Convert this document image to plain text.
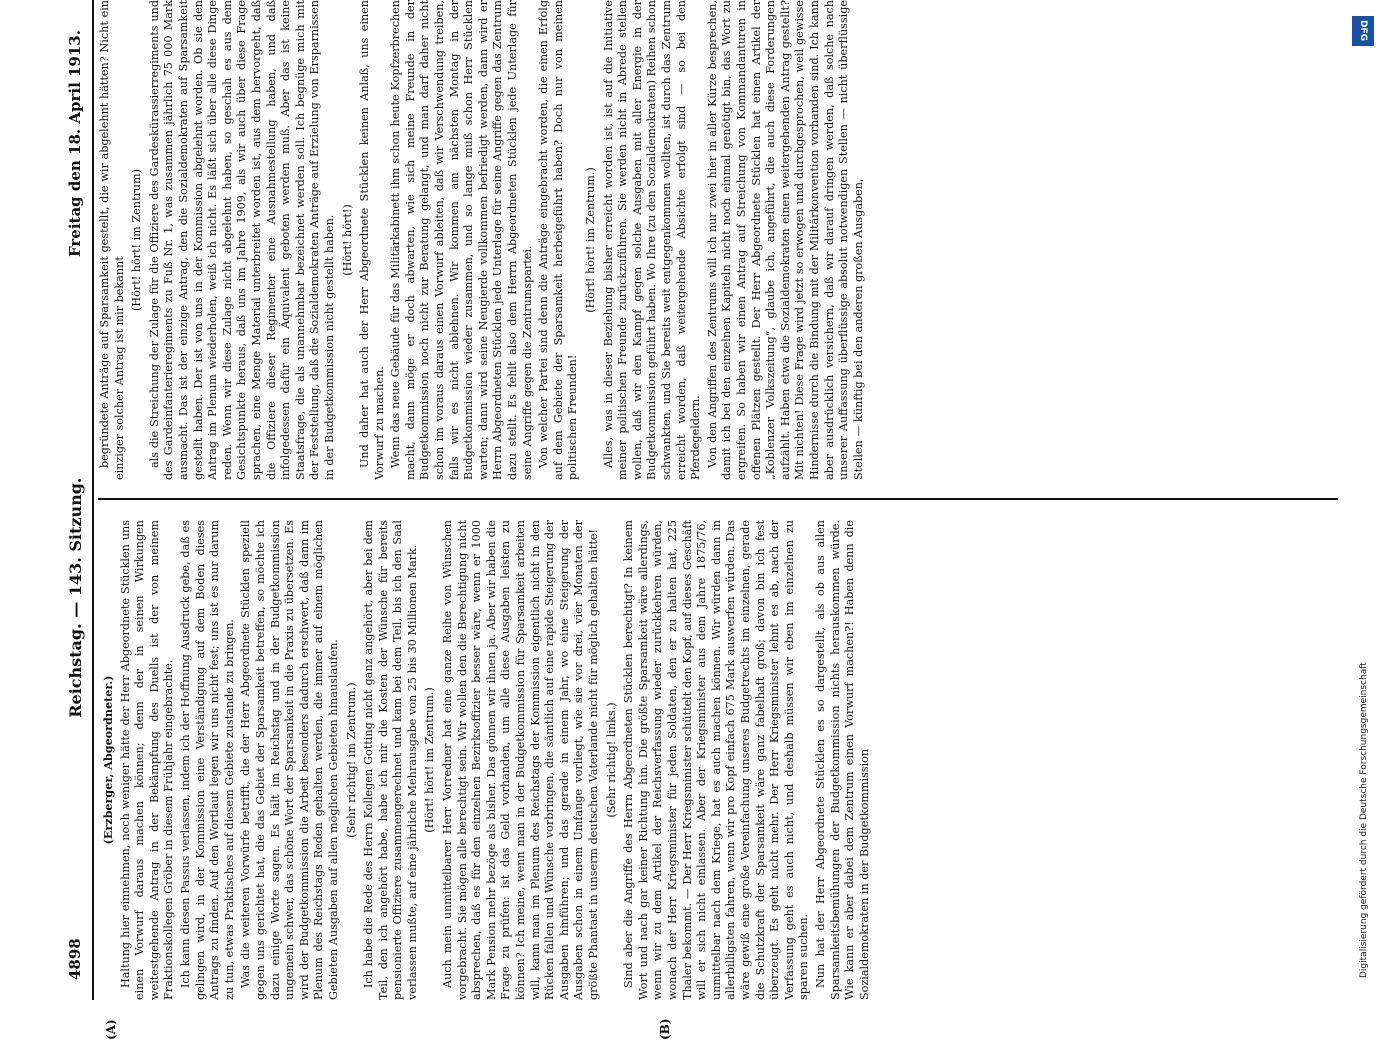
DFG
Digitalisierung gefördert durch die Deutsche Forschungsgemeinschaft
4898
Reichstag. — 143. Sitzung.
Freitag den 18. April 1913.
(A)	(B)

(Erzberger, Abgeordneter.) Haltung hier einnehmen, noch weniger hätte der Herr Abgeordnete Stücklen uns einen Vorwurf daraus machen können; denn der in seinen Wirkungen weitestgehende Antrag in der Bekämpfung des Duells ist der von meinem Fraktionskollegen Gröber in diesem Frühjahr eingebrachte. Ich kann diesen Passus verlassen, indem ich der Hoffnung Ausdruck gebe, daß es gelingen wird, in der Kommission eine Verständigung auf dem Boden dieses Antrags zu finden. Auf den Wortlaut legen wir uns nicht fest; uns ist es nur darum zu tun, etwas Praktisches auf diesem Gebiete zustande zu bringen. Was die weiteren Vorwürfe betrifft, die der Herr Abgeordnete Stücklen speziell gegen uns gerichtet hat, die das Gebiet der Sparsamkeit betreffen, so möchte ich dazu einige Worte sagen. Es hält im Reichstag und in der Budgetkommission ungemein schwer, das schöne Wort der Sparsamkeit in die Praxis zu übersetzen. Es wird der Budgetkommission die Arbeit besonders dadurch erschwert, daß dann im Plenum des Reichstags Reden gehalten werden, die immer auf einem möglichen Gebieten Ausgaben auf allen möglichen Gebieten hinauslaufen. (Sehr richtig! im Zentrum.) Ich habe die Rede des Herrn Kollegen Gotting nicht ganz angehört, aber bei dem Teil, den ich angehört habe, habe ich mir die Kosten der Wünsche für bereits pensionierte Offiziere zusammengerechnet und kam bei dem Teil, bis ich den Saal verlassen mußte, auf eine jährliche Mehrausgabe von 25 bis 30 Millionen Mark. (Hört! hört! im Zentrum.) Auch mein unmittelbarer Herr Vorredner hat eine ganze Reihe von Wünschen vorgebracht. Sie mögen alle berechtigt sein. Wir wollen den die Berechtigung nicht absprechen, daß es für den einzelnen Bezirksoffizier besser wäre, wenn er 1000 Mark Pension mehr bezöge als bisher. Das gönnen wir ihnen ja. Aber wir haben die Frage zu prüfen: ist das Geld vorhanden, um alle diese Ausgaben leisten zu können? Ich meine, wenn man in der Budgetkommission für Sparsamkeit arbeiten will, kann man im Plenum des Reichstags der Kommission eigentlich nicht in den Rücken fallen und Wünsche vorbringen, die sämtlich auf eine rapide Steigerung der Ausgaben hinführen; und das gerade in einem Jahr, wo eine Steigerung der Ausgaben schon in einem Umfange vorliegt, wie sie vor drei, vier Monaten der größte Phantast in unserm deutschen Vaterlande nicht für möglich gehalten hätte! (Sehr richtig! links.) Sind aber die Angriffe des Herrn Abgeordneten Stücklen berechtigt? In keinem Wort und nach gar keiner Richtung hin. Die größte Sparsamkeit wäre allerdings, wenn wir zu dem Artikel der Reichsverfassung wieder zurückkehren würden, wonach der Herr Kriegsminister für jeden Soldaten, den er zu halten hat, 225 Thaler bekommt. — Der Herr Kriegsminister schüttelt den Kopf, auf dieses Geschäft will er sich nicht einlassen. Aber der Kriegsminister aus dem Jahre 1875/76, unmittelbar nach dem Kriege, hat es auch machen können. Wir würden dann in allerbilligsten fahren, wenn wir pro Kopf einfach 675 Mark auswerfen würden. Das wäre gewiß eine große Vereinfachung unseres Budgetrechts im einzelnen, gerade die Schutzkraft der Sparsamkeit wäre ganz fabelhaft groß; davon bin ich fest überzeugt. Es geht nicht mehr. Der Herr Kriegsminister lehnt es ab, nach der Verfassung geht es auch nicht, und deshalb müssen wir eben im einzelnen zu sparen suchen. Nun hat der Herr Abgeordnete Stücklen es so dargestellt, als ob aus allen Sparsamkeitsbemühungen der Budgetkommission nichts herauskommen würde. Wie kann er aber dabei dem Zentrum einen Vorwurf machen?! Haben denn die Sozialdemokraten in der Budgetkommission

begründete Anträge auf Sparsamkeit gestellt, die wir abgelehnt hätten? Nicht ein einziger solcher Antrag ist mir bekannt

(Hört! hört! im Zentrum) als die Streichung der Zulage für die Offiziere des Gardeskürassierregiments und des Gardeinfanterieregiments zu Fuß Nr. 1, was zusammen jährlich 75 000 Mark ausmacht. Das ist der einzige Antrag, den die Sozialdemokraten auf Sparsamkeit gestellt haben. Der ist von uns in der Kommission abgelehnt worden. Ob sie den Antrag im Plenum wiederholen, weiß ich nicht. Es läßt sich über alle diese Dinge reden. Wenn wir diese Zulage nicht abgelehnt haben, so geschah es aus dem Gesichtspunkte heraus, daß uns im Jahre 1909, als wir auch über diese Frage sprachen, eine Menge Material unterbreitet worden ist, aus dem hervorgeht, daß die Offiziere dieser Regimenter eine Ausnahmestellung haben, und daß infolgedessen dafür ein Äquivalent geboten werden muß. Aber das ist keine Staatsfrage, die als unannehmbar bezeichnet werden soll. Ich begnüge mich mit der Feststellung, daß die Sozialdemokraten Anträge auf Erzielung von Ersparnissen in der Budgetkommission nicht gestellt haben. (Hört! hört!) Und daher hat auch der Herr Abgeordnete Stücklen keinen Anlaß, uns einen Vorwurf zu machen. Wenn das neue Gebäude für das Militärkabinett ihm schon heute Kopfzerbrechen macht, dann möge er doch abwarten, wie sich meine Freunde in der Budgetkommission noch nicht zur Beratung gelangt, und man darf daher nicht schon im voraus daraus einen Vorwurf ableiten, daß wir Verschwendung treiben, falls wir es nicht ablehnen. Wir kommen am nächsten Montag in der Budgetkommission wieder zusammen, und so lange muß schon Herr Stücklen warten; dann wird seine Neugierde vollkommen befriedigt werden, dann wird er Herrn Abgeordneten Stücklen jede Unterlage für seine Angriffe gegen das Zentrum dazu stellt. Es fehlt also dem Herrn Abgeordneten Stücklen jede Unterlage für seine Angriffe gegen die Zentrumspartei. Von welcher Partei sind denn die Anträge eingebracht worden, die einen Erfolg auf dem Gebiete der Sparsamkeit herbeigeführt haben? Doch nur von meinen politischen Freunden!

(Hört! hört! im Zentrum.) Alles, was in dieser Beziehung bisher erreicht worden ist, ist auf die Initiative meiner politischen Freunde zurückzuführen. Sie werden nicht in Abrede stellen wollen, daß wir den Kampf gegen solche Ausgaben mit aller Energie in der Budgetkommission geführt haben. Wo Ihre (zu den Sozialdemokraten) Reihen schon schwankten, und Sie bereits weit entgegenkommen wollten, ist durch das Zentrum erreicht worden, daß weitergehende Absichte erfolgt sind — so bei den Pferdegeldern. Von den Angriffen des Zentrums will ich nur zwei hier in aller Kürze besprechen, damit ich bei den einzelnen Kapiteln nicht noch einmal genötigt bin, das Wort zu ergreifen. So haben wir einen Antrag auf Streichung von Kommandanturen in offenen Plätzen gestellt. Der Herr Abgeordnete Stücklen hat einen Artikel der „Koblenzer Volkszeitung“, glaube ich, angeführt, die auch diese Forderungen aufzählt. Haben etwa die Sozialdemokraten einen weitergehenden Antrag gestellt? Mit nichten! Diese Frage wird jetzt so erwogen und durchgesprochen, weil gewisse Hindernisse durch die Bindung mit der Militärkonvention vorhanden sind. Ich kann aber ausdrücklich versichern, daß wir darauf dringen werden, daß solche nach unserer Auffassung überflüssige absolut notwendigen Stellen — nicht überflüssige Stellen — künftig bei den anderen großen Ausgaben,
